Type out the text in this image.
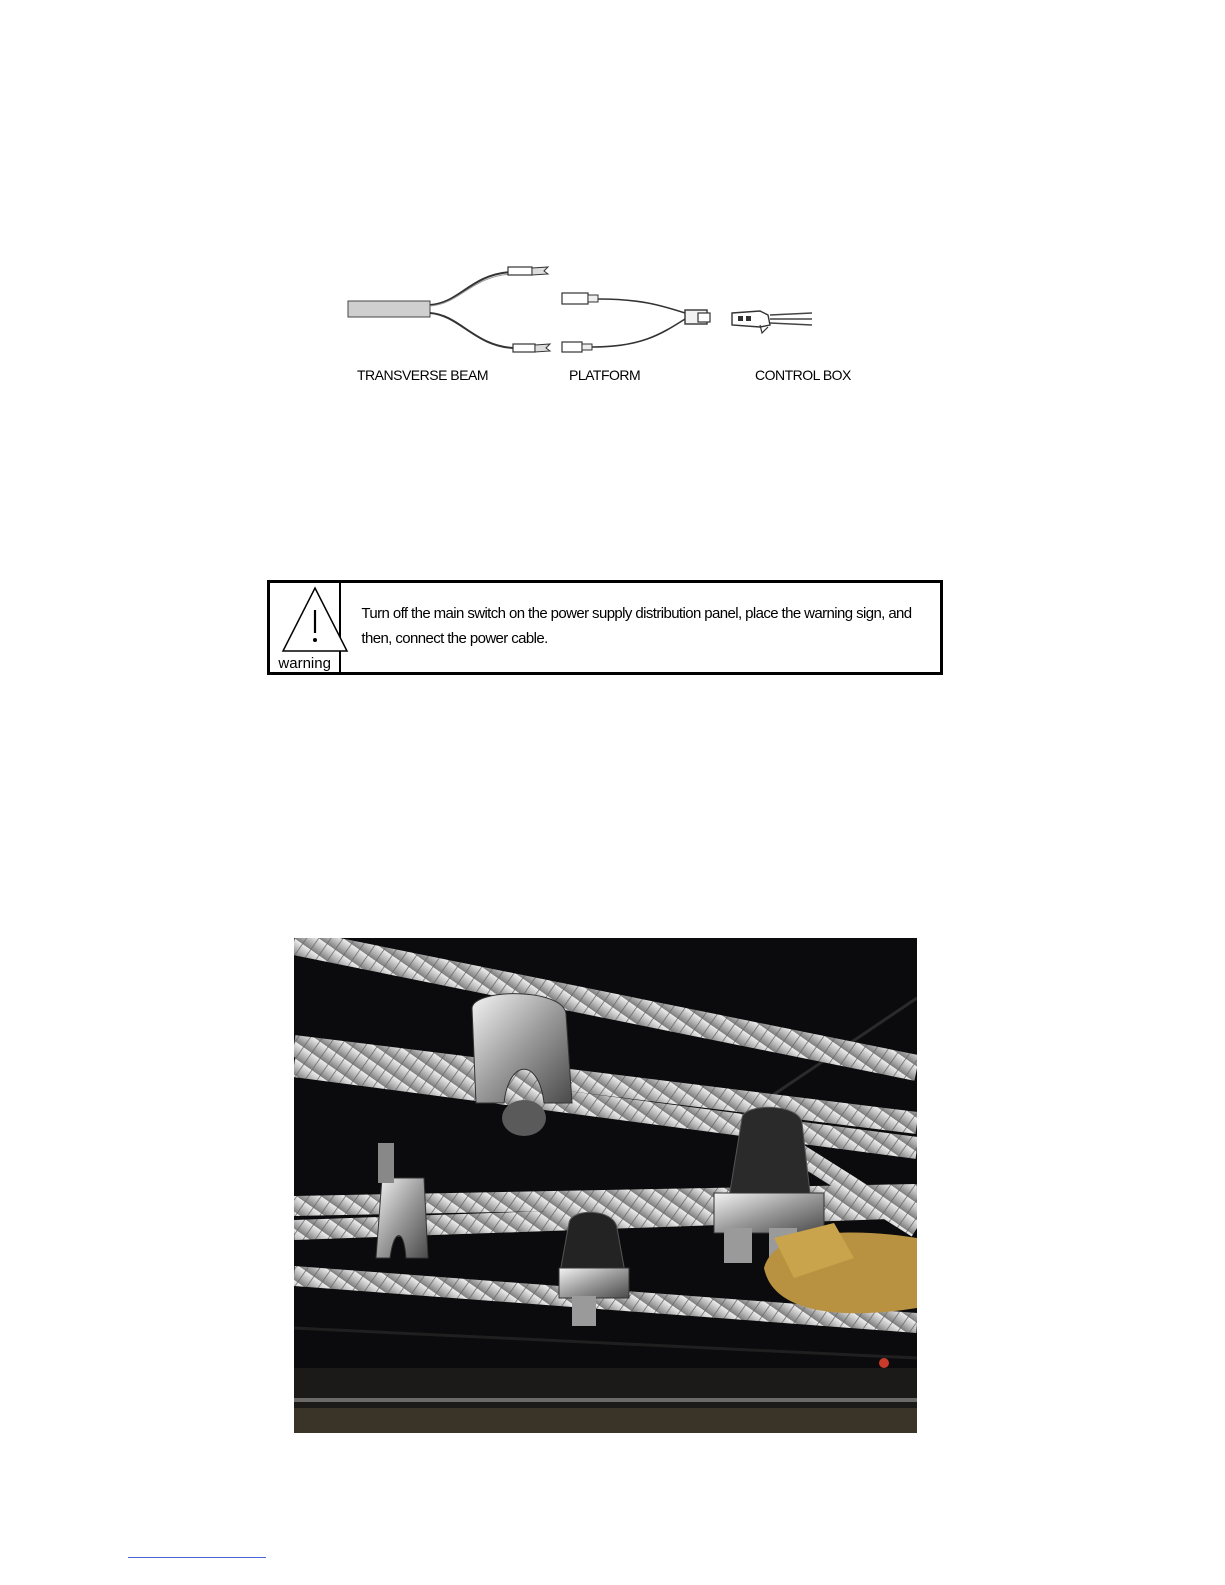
TRANSVERSE BEAM	PLATFORM	CONTROL BOX
warning
Turn off the main switch on the power supply distribution panel, place the warning sign, and then, connect the power cable.
